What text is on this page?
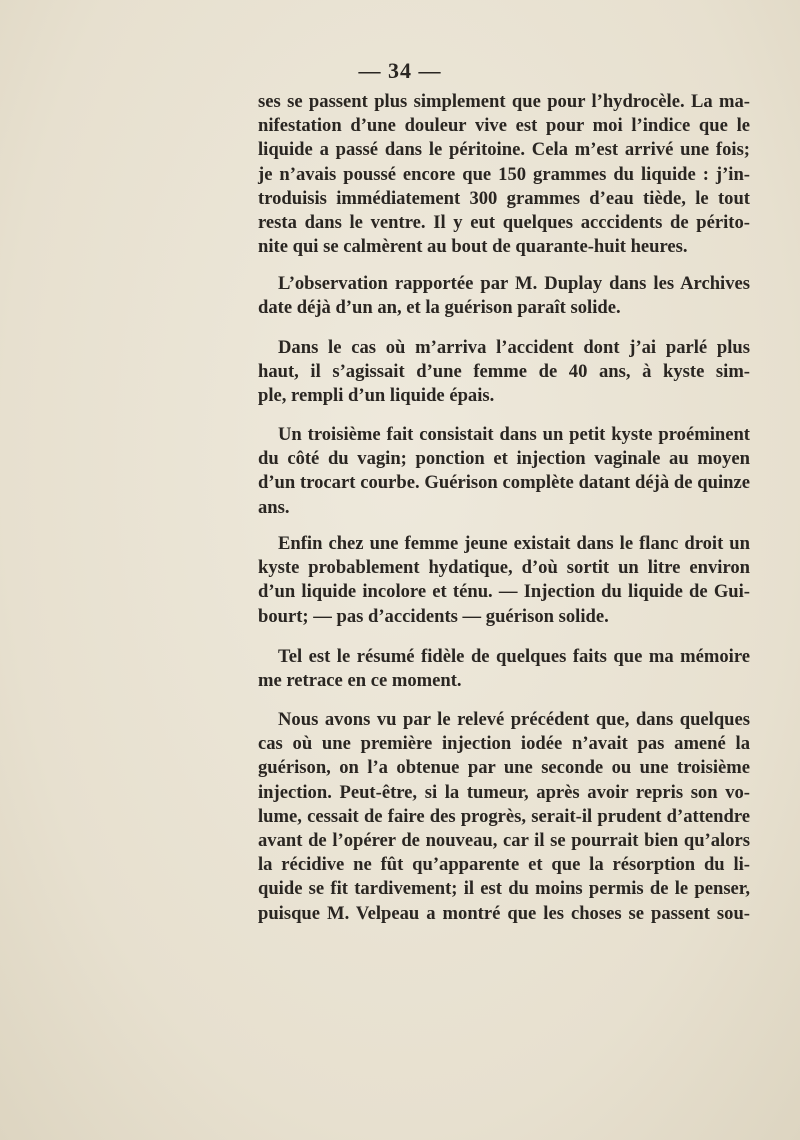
— 34 —
ses se passent plus simplement que pour l’hydrocèle. La ma-
nifestation d’une douleur vive est pour moi l’indice que le
liquide a passé dans le péritoine. Cela m’est arrivé une fois;
je n’avais poussé encore que 150 grammes du liquide : j’in-
troduisis immédiatement 300 grammes d’eau tiède, le tout
resta dans le ventre. Il y eut quelques acccidents de périto-
nite qui se calmèrent au bout de quarante-huit heures.
L’observation rapportée par M. Duplay dans les Archives
date déjà d’un an, et la guérison paraît solide.
Dans le cas où m’arriva l’accident dont j’ai parlé plus
haut, il s’agissait d’une femme de 40 ans, à kyste sim-
ple, rempli d’un liquide épais.
Un troisième fait consistait dans un petit kyste proéminent
du côté du vagin; ponction et injection vaginale au moyen
d’un trocart courbe. Guérison complète datant déjà de quinze
ans.
Enfin chez une femme jeune existait dans le flanc droit un
kyste probablement hydatique, d’où sortit un litre environ
d’un liquide incolore et ténu. — Injection du liquide de Gui-
bourt; — pas d’accidents — guérison solide.
Tel est le résumé fidèle de quelques faits que ma mémoire
me retrace en ce moment.
Nous avons vu par le relevé précédent que, dans quelques
cas où une première injection iodée n’avait pas amené la
guérison, on l’a obtenue par une seconde ou une troisième
injection. Peut-être, si la tumeur, après avoir repris son vo-
lume, cessait de faire des progrès, serait-il prudent d’attendre
avant de l’opérer de nouveau, car il se pourrait bien qu’alors
la récidive ne fût qu’apparente et que la résorption du li-
quide se fit tardivement; il est du moins permis de le penser,
puisque M. Velpeau a montré que les choses se passent sou-
